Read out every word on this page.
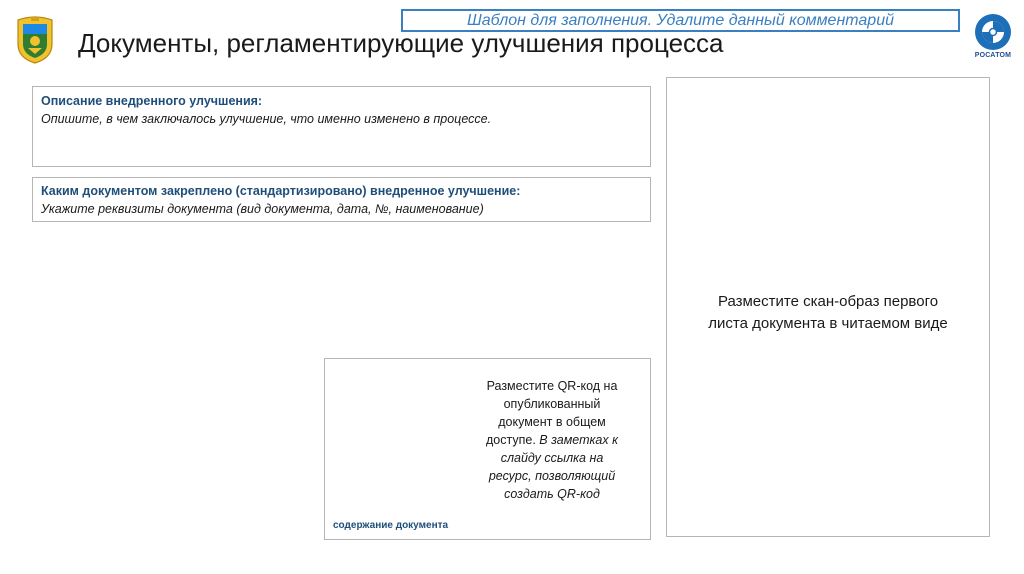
Шаблон для заполнения. Удалите данный комментарий
Документы, регламентирующие улучшения процесса	РОСАТОМ
Описание внедренного улучшения:
Опишите, в чем заключалось улучшение, что именно изменено в процессе.
Каким документом закреплено (стандартизировано) внедренное улучшение:
Укажите реквизиты документа (вид документа, дата, №, наименование)
Разместите скан-образ первого
листа документа в читаемом виде
Разместите QR-код на опубликованный документ в общем доступе. В заметках к слайду ссылка на ресурс, позволяющий создать QR-код
содержание документа
